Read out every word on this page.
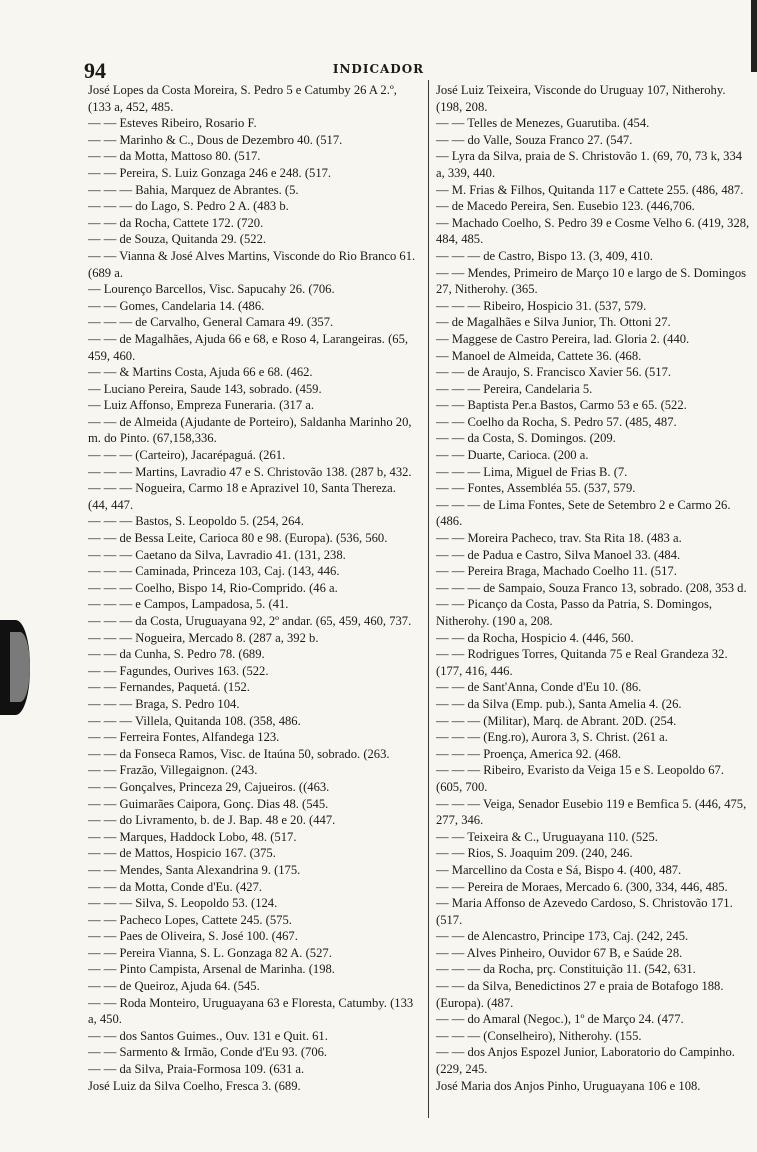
94	INDICADOR
José Lopes da Costa Moreira, S. Pedro 5 e Catumby 26 A 2.º, (133 a, 452, 485.
— — Esteves Ribeiro, Rosario F.
— — Marinho & C., Dous de Dezembro 40. (517.
— — da Motta, Mattoso 80. (517.
— — Pereira, S. Luiz Gonzaga 246 e 248. (517.
— — — Bahia, Marquez de Abrantes. (5.
— — — do Lago, S. Pedro 2 A. (483 b.
— — da Rocha, Cattete 172. (720.
— — de Souza, Quitanda 29. (522.
— — Vianna & José Alves Martins, Visconde do Rio Branco 61. (689 a.
— Lourenço Barcellos, Visc. Sapucahy 26. (706.
— — Gomes, Candelaria 14. (486.
— — — de Carvalho, General Camara 49. (357.
— — de Magalhães, Ajuda 66 e 68, e Roso 4, Larangeiras. (65, 459, 460.
— — & Martins Costa, Ajuda 66 e 68. (462.
— Luciano Pereira, Saude 143, sobrado. (459.
— Luiz Affonso, Empreza Funeraria. (317 a.
— — de Almeida (Ajudante de Porteiro), Saldanha Marinho 20, m. do Pinto. (67,158,336.
— — — (Carteiro), Jacarépaguá. (261.
— — — Martins, Lavradio 47 e S. Christovão 138. (287 b, 432.
— — — Nogueira, Carmo 18 e Aprazivel 10, Santa Thereza. (44, 447.
— — — Bastos, S. Leopoldo 5. (254, 264.
— — de Bessa Leite, Carioca 80 e 98. (Europa). (536, 560.
— — — Caetano da Silva, Lavradio 41. (131, 238.
— — — Caminada, Princeza 103, Caj. (143, 446.
— — — Coelho, Bispo 14, Rio-Comprido. (46 a.
— — — e Campos, Lampadosa, 5. (41.
— — — da Costa, Uruguayana 92, 2º andar. (65, 459, 460, 737.
— — — Nogueira, Mercado 8. (287 a, 392 b.
— — da Cunha, S. Pedro 78. (689.
— — Fagundes, Ourives 163. (522.
— — Fernandes, Paquetá. (152.
— — — Braga, S. Pedro 104.
— — — Villela, Quitanda 108. (358, 486.
— — Ferreira Fontes, Alfandega 123.
— — da Fonseca Ramos, Visc. de Itaúna 50, sobrado. (263.
— — Frazão, Villegaignon. (243.
— — Gonçalves, Princeza 29, Cajueiros. ((463.
— — Guimarães Caipora, Gonç. Dias 48. (545.
— — do Livramento, b. de J. Bap. 48 e 20. (447.
— — Marques, Haddock Lobo, 48. (517.
— — de Mattos, Hospicio 167. (375.
— — Mendes, Santa Alexandrina 9. (175.
— — da Motta, Conde d'Eu. (427.
— — — Silva, S. Leopoldo 53. (124.
— — Pacheco Lopes, Cattete 245. (575.
— — Paes de Oliveira, S. José 100. (467.
— — Pereira Vianna, S. L. Gonzaga 82 A. (527.
— — Pinto Campista, Arsenal de Marinha. (198.
— — de Queiroz, Ajuda 64. (545.
— — Roda Monteiro, Uruguayana 63 e Floresta, Catumby. (133 a, 450.
— — dos Santos Guimes., Ouv. 131 e Quit. 61.
— — Sarmento & Irmão, Conde d'Eu 93. (706.
— — da Silva, Praia-Formosa 109. (631 a.
José Luiz da Silva Coelho, Fresca 3. (689.
José Luiz Teixeira, Visconde do Uruguay 107, Nitherohy. (198, 208.
— — Telles de Menezes, Guarutiba. (454.
— — do Valle, Souza Franco 27. (547.
— Lyra da Silva, praia de S. Christovão 1. (69, 70, 73 k, 334 a, 339, 440.
— M. Frias & Filhos, Quitanda 117 e Cattete 255. (486, 487.
— de Macedo Pereira, Sen. Eusebio 123. (446,706.
— Machado Coelho, S. Pedro 39 e Cosme Velho 6. (419, 328, 484, 485.
— — — de Castro, Bispo 13. (3, 409, 410.
— — Mendes, Primeiro de Março 10 e largo de S. Domingos 27, Nitherohy. (365.
— — — Ribeiro, Hospicio 31. (537, 579.
— de Magalhães e Silva Junior, Th. Ottoni 27.
— Maggese de Castro Pereira, lad. Gloria 2. (440.
— Manoel de Almeida, Cattete 36. (468.
— — de Araujo, S. Francisco Xavier 56. (517.
— — — Pereira, Candelaria 5.
— — Baptista Per.a Bastos, Carmo 53 e 65. (522.
— — Coelho da Rocha, S. Pedro 57. (485, 487.
— — da Costa, S. Domingos. (209.
— — Duarte, Carioca. (200 a.
— — — Lima, Miguel de Frias B. (7.
— — Fontes, Assembléa 55. (537, 579.
— — — de Lima Fontes, Sete de Setembro 2 e Carmo 26. (486.
— — Moreira Pacheco, trav. Sta Rita 18. (483 a.
— — de Padua e Castro, Silva Manoel 33. (484.
— — Pereira Braga, Machado Coelho 11. (517.
— — — de Sampaio, Souza Franco 13, sobrado. (208, 353 d.
— — Picanço da Costa, Passo da Patria, S. Domingos, Nitherohy. (190 a, 208.
— — da Rocha, Hospicio 4. (446, 560.
— — Rodrigues Torres, Quitanda 75 e Real Grandeza 32. (177, 416, 446.
— — de Sant'Anna, Conde d'Eu 10. (86.
— — da Silva (Emp. pub.), Santa Amelia 4. (26.
— — — (Militar), Marq. de Abrant. 20D. (254.
— — — (Eng.ro), Aurora 3, S. Christ. (261 a.
— — — Proença, America 92. (468.
— — — Ribeiro, Evaristo da Veiga 15 e S. Leopoldo 67. (605, 700.
— — — Veiga, Senador Eusebio 119 e Bemfica 5. (446, 475, 277, 346.
— — Teixeira & C., Uruguayana 110. (525.
— — Rios, S. Joaquim 209. (240, 246.
— Marcellino da Costa e Sá, Bispo 4. (400, 487.
— — Pereira de Moraes, Mercado 6. (300, 334, 446, 485.
— Maria Affonso de Azevedo Cardoso, S. Christovão 171. (517.
— — de Alencastro, Principe 173, Caj. (242, 245.
— — Alves Pinheiro, Ouvidor 67 B, e Saúde 28.
— — — da Rocha, prç. Constituição 11. (542, 631.
— — da Silva, Benedictinos 27 e praia de Botafogo 188. (Europa). (487.
— — do Amaral (Negoc.), 1º de Março 24. (477.
— — — (Conselheiro), Nitherohy. (155.
— — dos Anjos Espozel Junior, Laboratorio do Campinho. (229, 245.
José Maria dos Anjos Pinho, Uruguayana 106 e 108.
